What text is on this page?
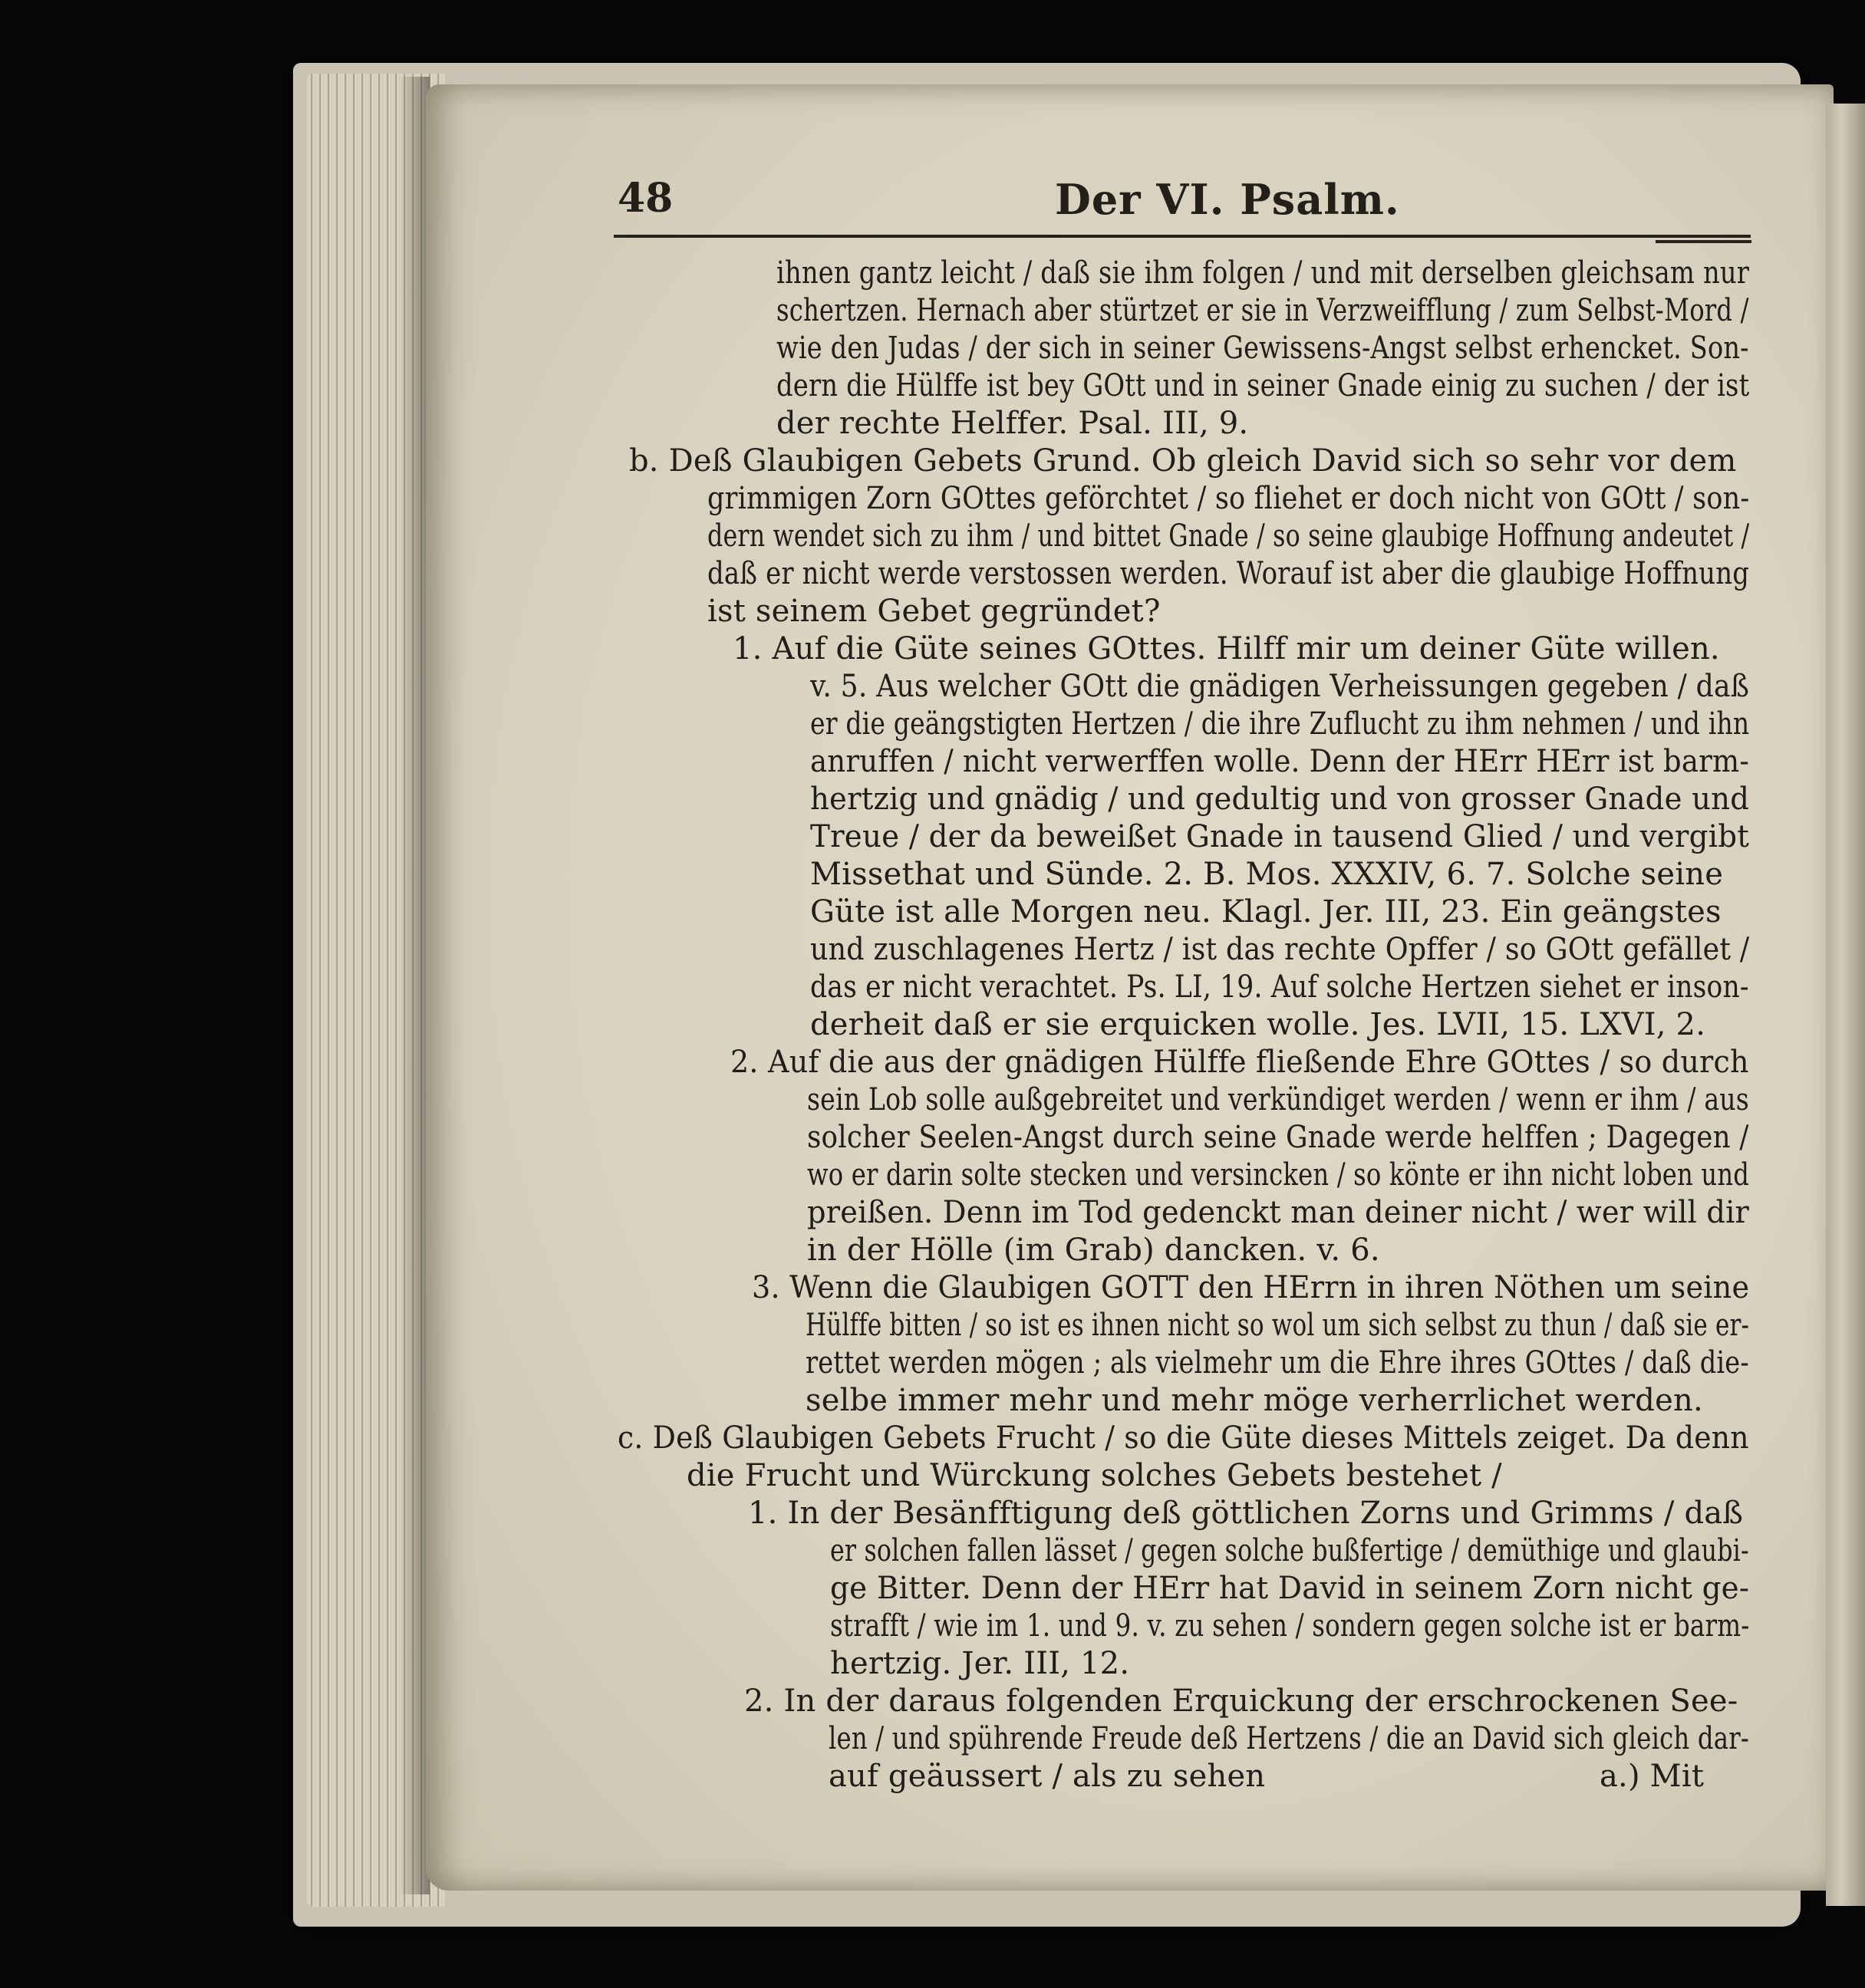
48	Der VI. Psalm.
ihnen gantz leicht / daß sie ihm folgen / und mit derselben gleichsam nur
schertzen. Hernach aber stürtzet er sie in Verzweifflung / zum Selbst-Mord /
wie den Judas / der sich in seiner Gewissens-Angst selbst erhencket. Son-
dern die Hülffe ist bey GOtt und in seiner Gnade einig zu suchen / der ist
der rechte Helffer. Psal. III, 9.
b. Deß Glaubigen Gebets Grund. Ob gleich David sich so sehr vor dem
grimmigen Zorn GOttes geförchtet / so fliehet er doch nicht von GOtt / son-
dern wendet sich zu ihm / und bittet Gnade / so seine glaubige Hoffnung andeutet /
daß er nicht werde verstossen werden. Worauf ist aber die glaubige Hoffnung
ist seinem Gebet gegründet?
1. Auf die Güte seines GOttes. Hilff mir um deiner Güte willen.
v. 5. Aus welcher GOtt die gnädigen Verheissungen gegeben / daß
er die geängstigten Hertzen / die ihre Zuflucht zu ihm nehmen / und ihn
anruffen / nicht verwerffen wolle. Denn der HErr HErr ist barm-
hertzig und gnädig / und gedultig und von grosser Gnade und
Treue / der da beweißet Gnade in tausend Glied / und vergibt
Missethat und Sünde. 2. B. Mos. XXXIV, 6. 7. Solche seine
Güte ist alle Morgen neu. Klagl. Jer. III, 23. Ein geängstes
und zuschlagenes Hertz / ist das rechte Opffer / so GOtt gefället /
das er nicht verachtet. Ps. LI, 19. Auf solche Hertzen siehet er inson-
derheit daß er sie erquicken wolle. Jes. LVII, 15. LXVI, 2.
2. Auf die aus der gnädigen Hülffe fließende Ehre GOttes / so durch
sein Lob solle außgebreitet und verkündiget werden / wenn er ihm / aus
solcher Seelen-Angst durch seine Gnade werde helffen ; Dagegen /
wo er darin solte stecken und versincken / so könte er ihn nicht loben und
preißen. Denn im Tod gedenckt man deiner nicht / wer will dir
in der Hölle (im Grab) dancken. v. 6.
3. Wenn die Glaubigen GOTT den HErrn in ihren Nöthen um seine
Hülffe bitten / so ist es ihnen nicht so wol um sich selbst zu thun / daß sie er-
rettet werden mögen ; als vielmehr um die Ehre ihres GOttes / daß die-
selbe immer mehr und mehr möge verherrlichet werden.
c. Deß Glaubigen Gebets Frucht / so die Güte dieses Mittels zeiget. Da denn
die Frucht und Würckung solches Gebets bestehet /
1. In der Besänfftigung deß göttlichen Zorns und Grimms / daß
er solchen fallen lässet / gegen solche bußfertige / demüthige und glaubi-
ge Bitter. Denn der HErr hat David in seinem Zorn nicht ge-
strafft / wie im 1. und 9. v. zu sehen / sondern gegen solche ist er barm-
hertzig. Jer. III, 12.
2. In der daraus folgenden Erquickung der erschrockenen See-
len / und spührende Freude deß Hertzens / die an David sich gleich dar-
auf geäussert / als zu sehen	a.) Mit
